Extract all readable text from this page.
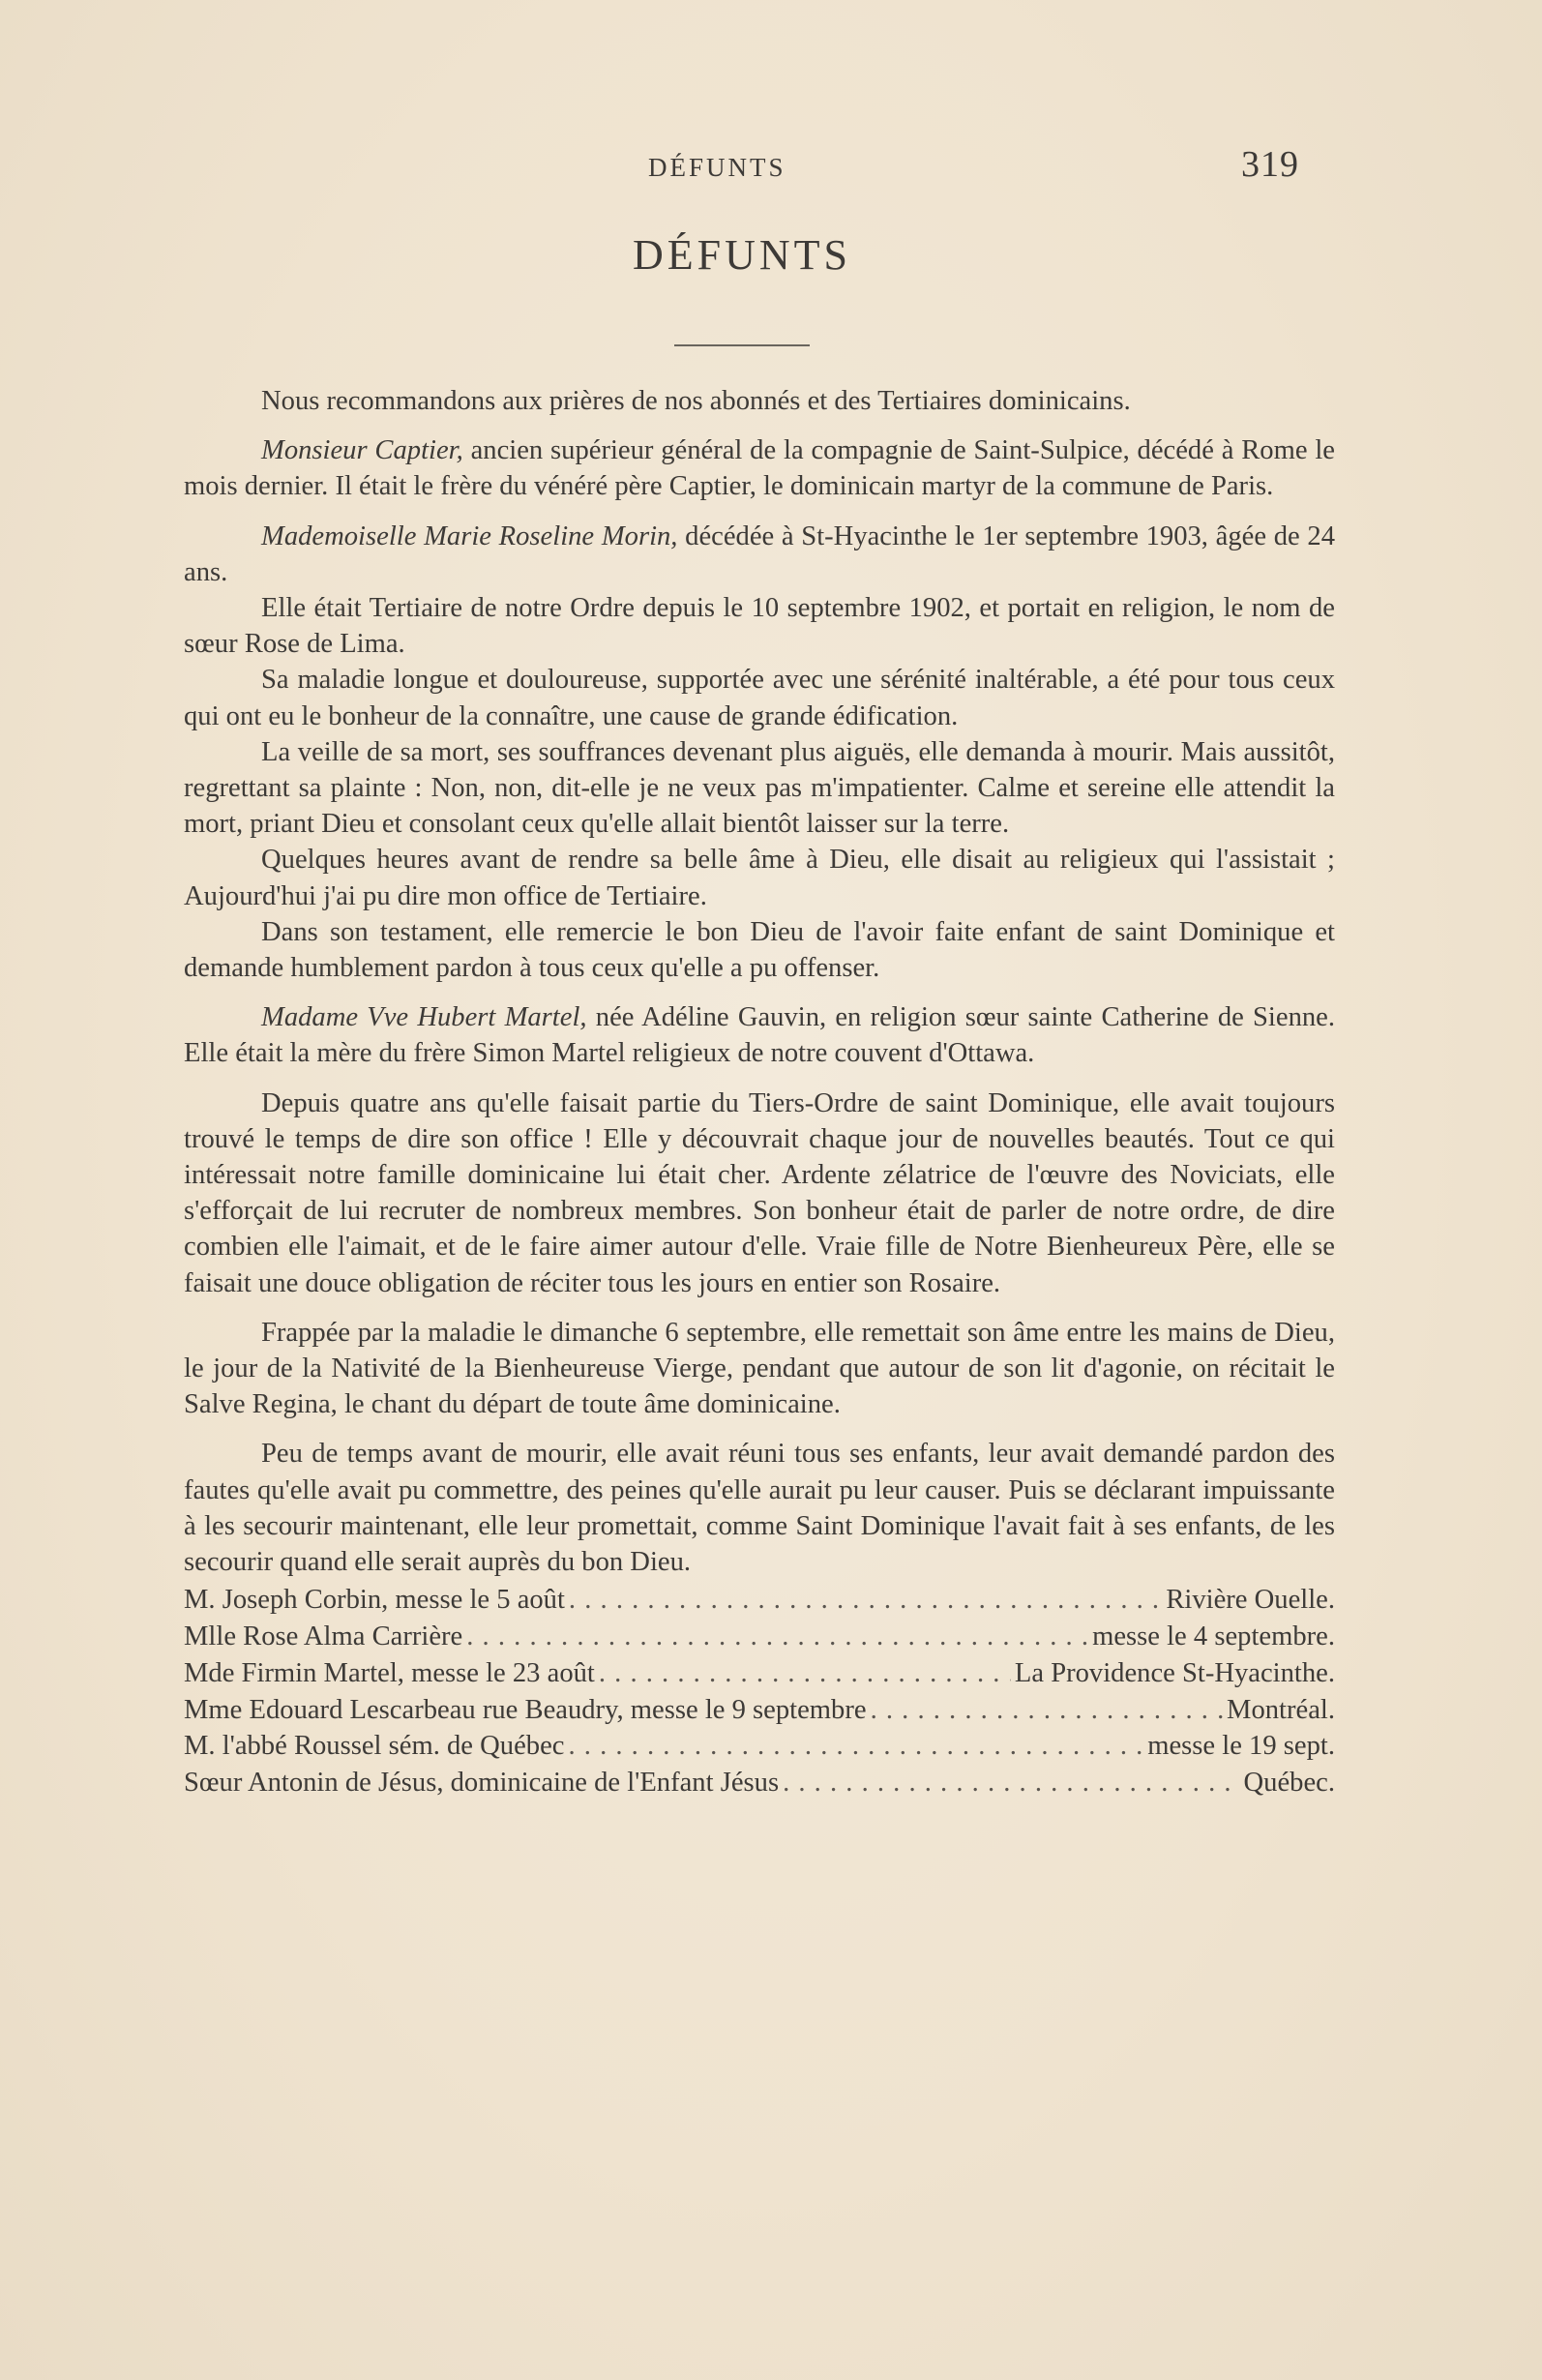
DÉFUNTS	319
DÉFUNTS

Nous recommandons aux prières de nos abonnés et des Tertiaires dominicains.

Monsieur Captier, ancien supérieur général de la compagnie de Saint-Sulpice, décédé à Rome le mois dernier. Il était le frère du vénéré père Captier, le dominicain martyr de la commune de Paris.

Mademoiselle Marie Roseline Morin, décédée à St-Hyacinthe le 1er septembre 1903, âgée de 24 ans.

Elle était Tertiaire de notre Ordre depuis le 10 septembre 1902, et portait en religion, le nom de sœur Rose de Lima.

Sa maladie longue et douloureuse, supportée avec une sérénité inaltérable, a été pour tous ceux qui ont eu le bonheur de la connaître, une cause de grande édification.

La veille de sa mort, ses souffrances devenant plus aiguës, elle demanda à mourir. Mais aussitôt, regrettant sa plainte : Non, non, dit-elle je ne veux pas m'impatienter. Calme et sereine elle attendit la mort, priant Dieu et consolant ceux qu'elle allait bientôt laisser sur la terre.

Quelques heures avant de rendre sa belle âme à Dieu, elle disait au religieux qui l'assistait ; Aujourd'hui j'ai pu dire mon office de Tertiaire.

Dans son testament, elle remercie le bon Dieu de l'avoir faite enfant de saint Dominique et demande humblement pardon à tous ceux qu'elle a pu offenser.

Madame Vve Hubert Martel, née Adéline Gauvin, en religion sœur sainte Catherine de Sienne. Elle était la mère du frère Simon Martel religieux de notre couvent d'Ottawa.

Depuis quatre ans qu'elle faisait partie du Tiers-Ordre de saint Dominique, elle avait toujours trouvé le temps de dire son office ! Elle y découvrait chaque jour de nouvelles beautés. Tout ce qui intéressait notre famille dominicaine lui était cher. Ardente zélatrice de l'œuvre des Noviciats, elle s'efforçait de lui recruter de nombreux membres. Son bonheur était de parler de notre ordre, de dire combien elle l'aimait, et de le faire aimer autour d'elle. Vraie fille de Notre Bienheureux Père, elle se faisait une douce obligation de réciter tous les jours en entier son Rosaire.

Frappée par la maladie le dimanche 6 septembre, elle remettait son âme entre les mains de Dieu, le jour de la Nativité de la Bienheureuse Vierge, pendant que autour de son lit d'agonie, on récitait le Salve Regina, le chant du départ de toute âme dominicaine.

Peu de temps avant de mourir, elle avait réuni tous ses enfants, leur avait demandé pardon des fautes qu'elle avait pu commettre, des peines qu'elle aurait pu leur causer. Puis se déclarant impuissante à les secourir maintenant, elle leur promettait, comme Saint Dominique l'avait fait à ses enfants, de les secourir quand elle serait auprès du bon Dieu.

M. Joseph Corbin, messe le 5 août . . .	Rivière Ouelle.
Mlle Rose Alma Carrière . . .	messe le 4 septembre.
Mde Firmin Martel, messe le 23 août . . .	La Providence St-Hyacinthe.
Mme Edouard Lescarbeau rue Beaudry, messe le 9 septembre . . .	Montréal.
M. l'abbé Roussel sém. de Québec . . .	messe le 19 sept.
Sœur Antonin de Jésus, dominicaine de l'Enfant Jésus . . .	Québec.
